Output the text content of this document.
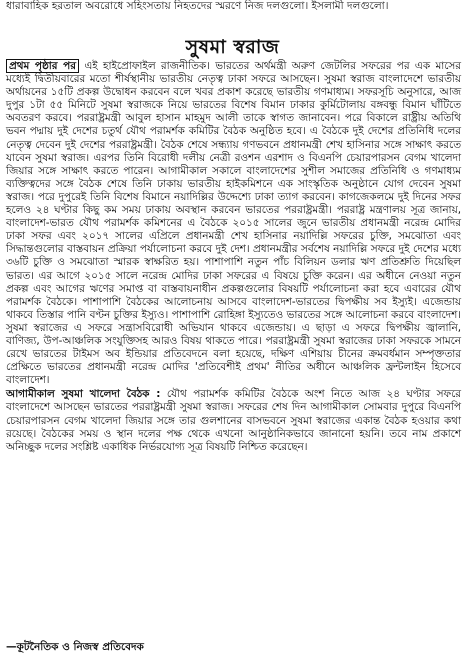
ধারাবাহিক হরতাল অবরোধে সহিংসতায় নিহতদের স্মরণে নিজ দলগুলো। ইসলামী দলগুলো।
সুষমা স্বরাজ

প্রথম পৃষ্ঠার পর এই হাইপ্রোফাইল রাজনীতিক। ভারতের অর্থমন্ত্রী অরুণ জেটলির সফরের পর এক মাসের মধ্যেই দ্বিতীয়বারের মতো শীর্ষস্থানীয় ভারতীয় নেতৃত্ব ঢাকা সফরে আসছেন। সুষমা স্বরাজ বাংলাদেশে ভারতীয় অর্থায়নের ১৫টি প্রকল্প উদ্বোধন করবেন বলে খবর প্রকাশ করেছে ভারতীয় গণমাধ্যম। সফরসূচি অনুসারে, আজ দুপুর ১টা ৫৫ মিনিটে সুষমা স্বরাজকে নিয়ে ভারতের বিশেষ বিমান ঢাকার কুর্মিটোলায় বঙ্গবন্ধু বিমান ঘাঁটিতে অবতরণ করবে। পররাষ্ট্রমন্ত্রী আবুল হাসান মাহমুদ আলী তাকে স্বাগত জানাবেন। পরে বিকালে রাষ্ট্রীয় অতিথি ভবন পদ্মায় দুই দেশের চতুর্থ যৌথ পরামর্শক কমিটির বৈঠক অনুষ্ঠিত হবে। এ বৈঠকে দুই দেশের প্রতিনিধি দলের নেতৃত্ব দেবেন দুই দেশের পররাষ্ট্রমন্ত্রী। বৈঠক শেষে সন্ধ্যায় গণভবনে প্রধানমন্ত্রী শেখ হাসিনার সঙ্গে সাক্ষাৎ করতে যাবেন সুষমা স্বরাজ। এরপর তিনি বিরোধী দলীয় নেত্রী রওশন এরশাদ ও বিএনপি চেয়ারপারসন বেগম খালেদা জিয়ার সঙ্গে সাক্ষাৎ করতে পারেন। আগামীকাল সকালে বাংলাদেশের সুশীল সমাজের প্রতিনিধি ও গণমাধ্যম ব্যক্তিত্বদের সঙ্গে বৈঠক শেষে তিনি ঢাকায় ভারতীয় হাইকমিশনে এক সাংস্কৃতিক অনুষ্ঠানে যোগ দেবেন সুষমা স্বরাজ। পরে দুপুরেই তিনি বিশেষ বিমানে নয়াদিল্লির উদ্দেশ্যে ঢাকা ত্যাগ করবেন। কাগজেকলমে দুই দিনের সফর হলেও ২৪ ঘণ্টার কিছু কম সময় ঢাকায় অবস্থান করবেন ভারতের পররাষ্ট্রমন্ত্রী। পররাষ্ট্র মন্ত্রণালয় সূত্র জানায়, বাংলাদেশ-ভারত যৌথ পরামর্শক কমিশনের এ বৈঠকে ২০১৫ সালের জুনে ভারতীয় প্রধানমন্ত্রী নরেন্দ্র মোদির ঢাকা সফর এবং ২০১৭ সালের এপ্রিলে প্রধানমন্ত্রী শেখ হাসিনার নয়াদিল্লি সফরের চুক্তি, সমঝোতা এবং সিদ্ধান্তগুলোর বাস্তবায়ন প্রক্রিয়া পর্যালোচনা করবে দুই দেশ। প্রধানমন্ত্রীর সর্বশেষ নয়াদিল্লি সফরে দুই দেশের মধ্যে ৩৬টি চুক্তি ও সমঝোতা স্মারক স্বাক্ষরিত হয়। পাশাপাশি নতুন পাঁচ বিলিয়ন ডলার ঋণ প্রতিশ্রুতি দিয়েছিল ভারত। এর আগে ২০১৫ সালে নরেন্দ্র মোদির ঢাকা সফরের এ বিষয়ে চুক্তি করেন। এর অধীনে নেওয়া নতুন প্রকল্প এবং আগের ঋণের সমাপ্ত বা বাস্তবায়নাধীন প্রকল্পগুলোর বিষয়টি পর্যালোচনা করা হবে এবারের যৌথ পরামর্শক বৈঠকে। পাশাপাশি বৈঠকের আলোচনায় আসবে বাংলাদেশ-ভারতের দ্বিপক্ষীয় সব ইস্যুই। এজেন্ডায় থাকবে তিস্তার পানি বণ্টন চুক্তির ইস্যুও। পাশাপাশি রোহিঙ্গা ইস্যুতেও ভারতের সঙ্গে আলোচনা করবে বাংলাদেশ। সুষমা স্বরাজের এ সফরে সন্ত্রাসবিরোধী অভিযান থাকবে এজেন্ডায়। এ ছাড়া এ সফরে দ্বিপক্ষীয় জ্বালানি, বাণিজ্য, উপ-আঞ্চলিক সংযুক্তিসহ আরও বিষয় থাকতে পারে। পররাষ্ট্রমন্ত্রী সুষমা স্বরাজের ঢাকা সফরকে সামনে রেখে ভারতের টাইমস অব ইন্ডিয়ার প্রতিবেদনে বলা হয়েছে, দক্ষিণ এশিয়ায় চীনের ক্রমবর্ধমান সম্পৃক্ততার প্রেক্ষিতে ভারতের প্রধানমন্ত্রী নরেন্দ্র মোদির 'প্রতিবেশীই প্রথম' নীতির অধীনে আঞ্চলিক ফ্রন্টলাইন হিসেবে বাংলাদেশ।

আগামীকাল সুষমা খালেদা বৈঠক : যৌথ পরামর্শক কমিটির বৈঠকে অংশ নিতে আজ ২৪ ঘণ্টার সফরে বাংলাদেশে আসছেন ভারতের পররাষ্ট্রমন্ত্রী সুষমা স্বরাজ। সফরের শেষ দিন আগামীকাল সোমবার দুপুরে বিএনপি চেয়ারপারসন বেগম খালেদা জিয়ার সঙ্গে তার গুলশানের বাসভবনে সুষমা স্বরাজের একান্ত বৈঠক হওয়ার কথা রয়েছে। বৈঠকের সময় ও স্থান দলের পক্ষ থেকে এখনো আনুষ্ঠানিকভাবে জানানো হয়নি। তবে নাম প্রকাশে অনিচ্ছুক দলের সংশ্লিষ্ট একাধিক নির্ভরযোগ্য সূত্র বিষয়টি নিশ্চিত করেছেন।

—কূটনৈতিক ও নিজস্ব প্রতিবেদক
